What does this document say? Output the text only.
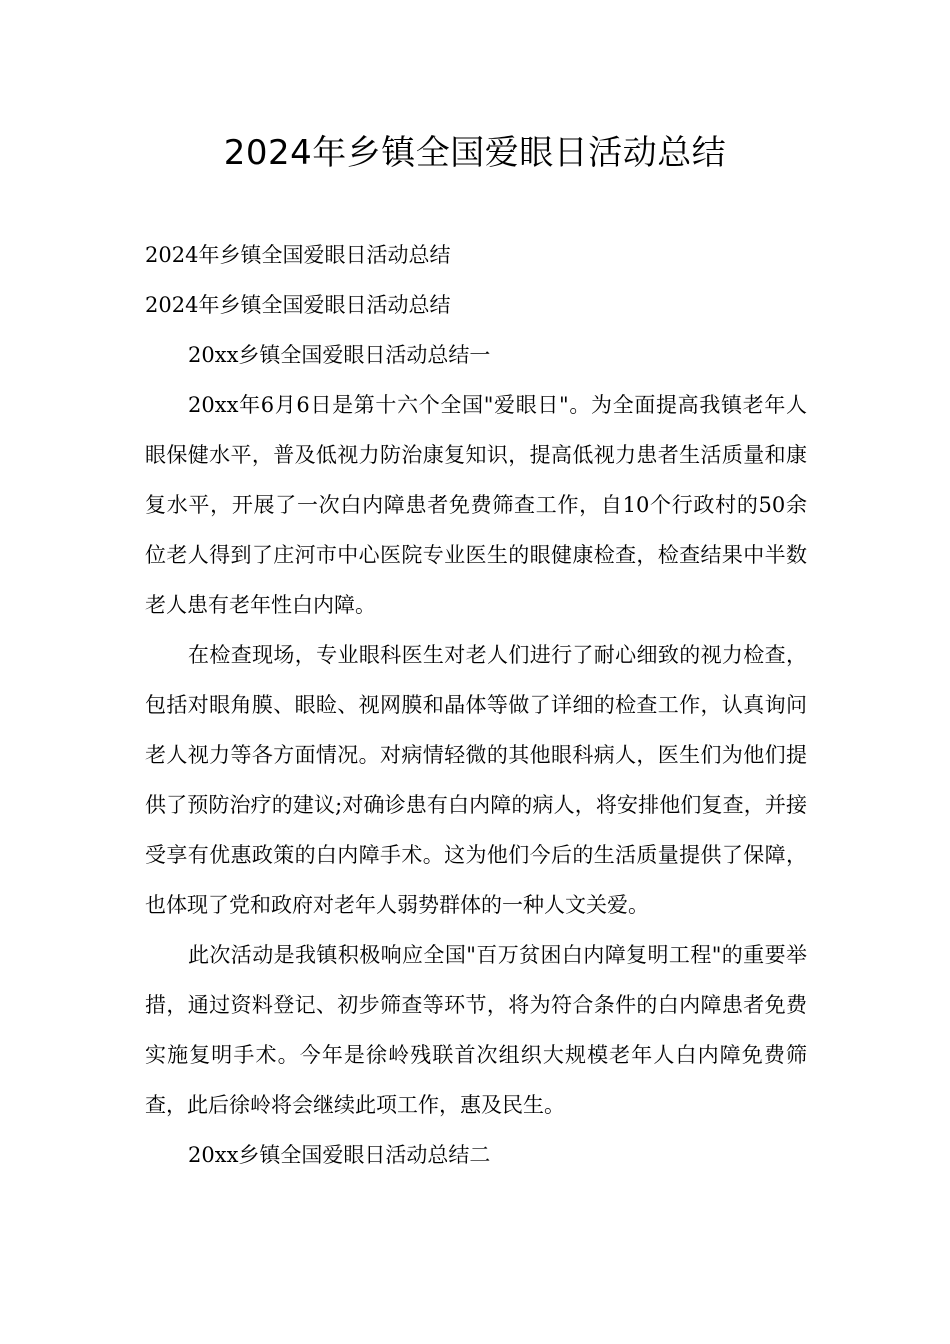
2024年乡镇全国爱眼日活动总结

2024年乡镇全国爱眼日活动总结

2024年乡镇全国爱眼日活动总结

20xx乡镇全国爱眼日活动总结一

20xx年6月6日是第十六个全国"爱眼日"。为全面提高我镇老年人眼保健水平，普及低视力防治康复知识，提高低视力患者生活质量和康复水平，开展了一次白内障患者免费筛查工作，自10个行政村的50余位老人得到了庄河市中心医院专业医生的眼健康检查，检查结果中半数老人患有老年性白内障。

在检查现场，专业眼科医生对老人们进行了耐心细致的视力检查，包括对眼角膜、眼睑、视网膜和晶体等做了详细的检查工作，认真询问老人视力等各方面情况。对病情轻微的其他眼科病人，医生们为他们提供了预防治疗的建议;对确诊患有白内障的病人，将安排他们复查，并接受享有优惠政策的白内障手术。这为他们今后的生活质量提供了保障，也体现了党和政府对老年人弱势群体的一种人文关爱。

此次活动是我镇积极响应全国"百万贫困白内障复明工程"的重要举措，通过资料登记、初步筛查等环节，将为符合条件的白内障患者免费实施复明手术。今年是徐岭残联首次组织大规模老年人白内障免费筛查，此后徐岭将会继续此项工作，惠及民生。

20xx乡镇全国爱眼日活动总结二
